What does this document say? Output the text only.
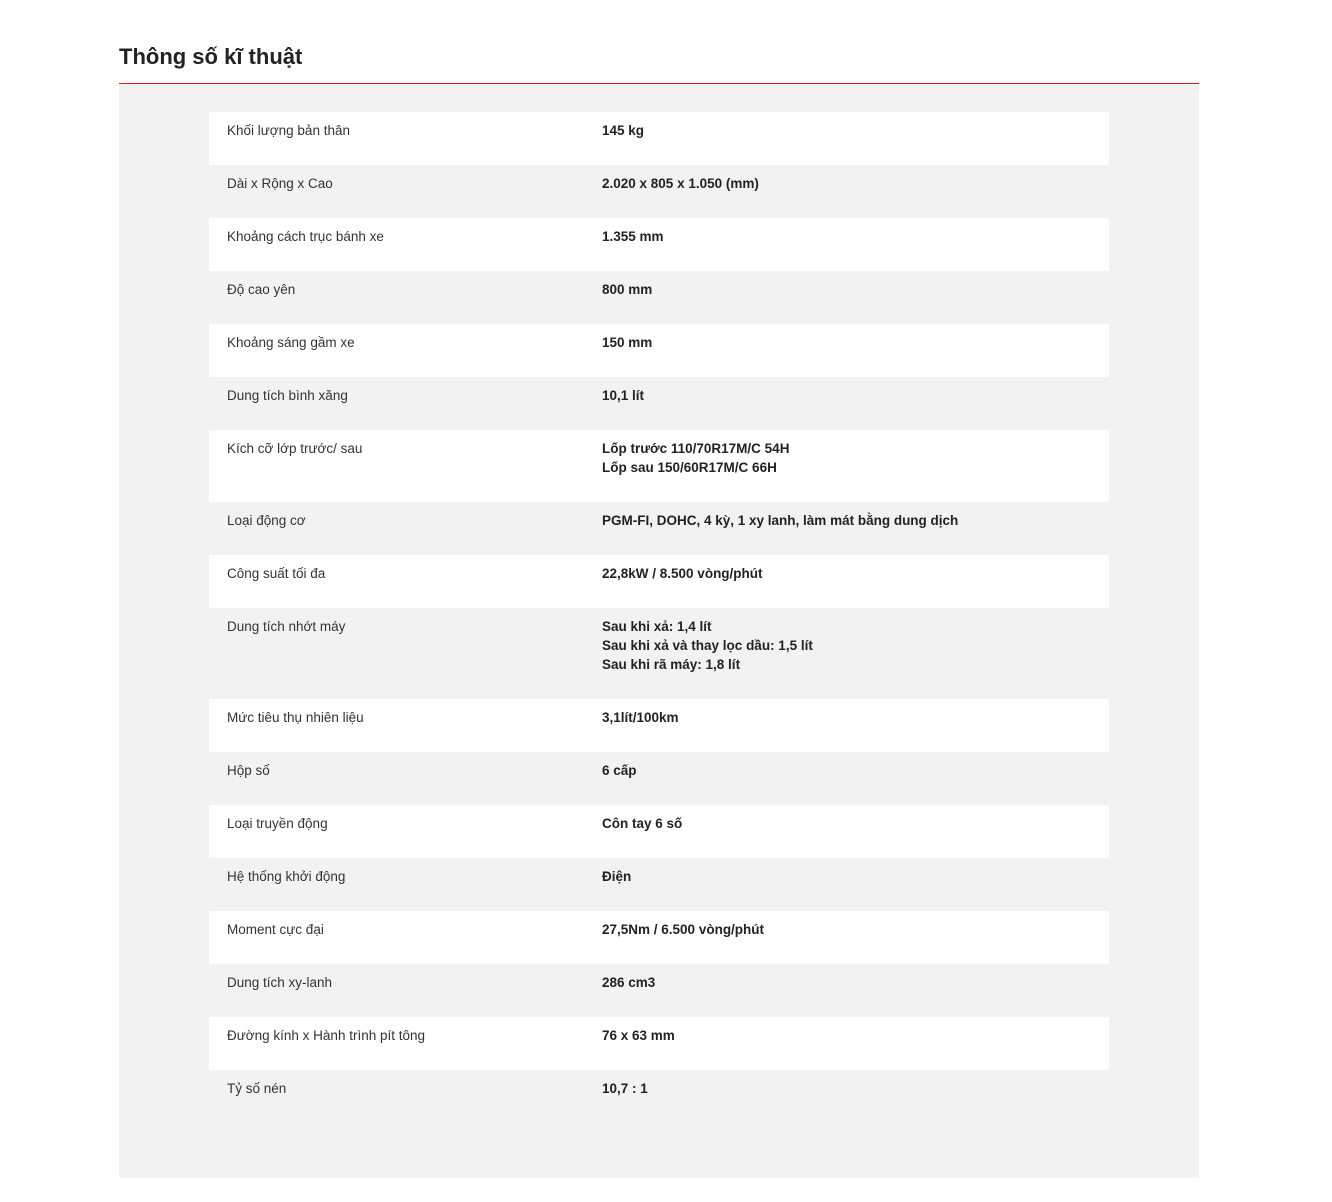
Thông số kĩ thuật
Khối lượng bản thân	145 kg

Dài x Rộng x Cao	2.020 x 805 x 1.050 (mm)

Khoảng cách trục bánh xe	1.355 mm

Độ cao yên	800 mm

Khoảng sáng gầm xe	150 mm

Dung tích bình xăng	10,1 lít

Kích cỡ lớp trước/ sau	Lốp trước 110/70R17M/C 54H
Lốp sau 150/60R17M/C 66H

Loại động cơ	PGM-FI, DOHC, 4 kỳ, 1 xy lanh, làm mát bằng dung dịch

Công suất tối đa	22,8kW / 8.500 vòng/phút

Dung tích nhớt máy	Sau khi xả: 1,4 lít
Sau khi xả và thay lọc dầu: 1,5 lít
Sau khi rã máy: 1,8 lít

Mức tiêu thụ nhiên liệu	3,1lít/100km

Hộp số	6 cấp

Loại truyền động	Côn tay 6 số

Hệ thống khởi động	Điện

Moment cực đại	27,5Nm / 6.500 vòng/phút

Dung tích xy-lanh	286 cm3

Đường kính x Hành trình pít tông	76 x 63 mm

Tỷ số nén	10,7 : 1
